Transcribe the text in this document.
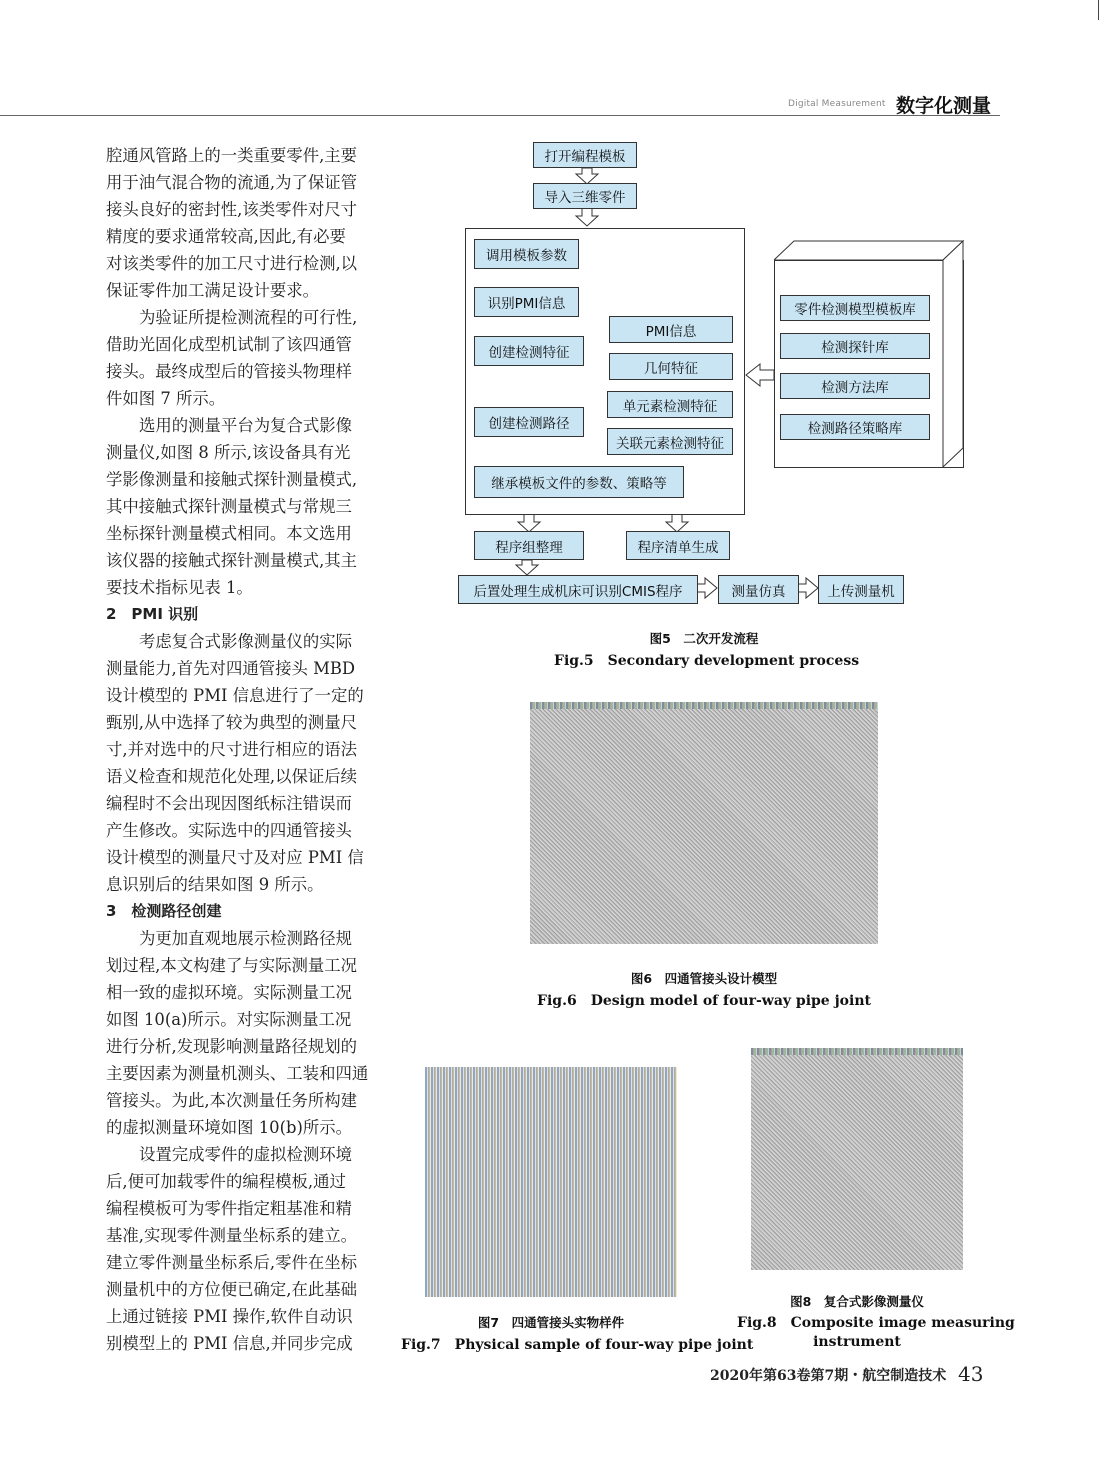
Digital Measurement 数字化测量
腔通风管路上的一类重要零件,主要
用于油气混合物的流通,为了保证管
接头良好的密封性,该类零件对尺寸
精度的要求通常较高,因此,有必要
对该类零件的加工尺寸进行检测,以
保证零件加工满足设计要求。
为验证所提检测流程的可行性,
借助光固化成型机试制了该四通管
接头。最终成型后的管接头物理样
件如图 7 所示。
选用的测量平台为复合式影像
测量仪,如图 8 所示,该设备具有光
学影像测量和接触式探针测量模式,
其中接触式探针测量模式与常规三
坐标探针测量模式相同。本文选用
该仪器的接触式探针测量模式,其主
要技术指标见表 1。
2　PMI 识别
考虑复合式影像测量仪的实际
测量能力,首先对四通管接头 MBD
设计模型的 PMI 信息进行了一定的
甄别,从中选择了较为典型的测量尺
寸,并对选中的尺寸进行相应的语法
语义检查和规范化处理,以保证后续
编程时不会出现因图纸标注错误而
产生修改。实际选中的四通管接头
设计模型的测量尺寸及对应 PMI 信
息识别后的结果如图 9 所示。
3　检测路径创建
为更加直观地展示检测路径规
划过程,本文构建了与实际测量工况
相一致的虚拟环境。实际测量工况
如图 10(a)所示。对实际测量工况
进行分析,发现影响测量路径规划的
主要因素为测量机测头、工装和四通
管接头。为此,本次测量任务所构建
的虚拟测量环境如图 10(b)所示。
设置完成零件的虚拟检测环境
后,便可加载零件的编程模板,通过
编程模板可为零件指定粗基准和精
基准,实现零件测量坐标系的建立。
建立零件测量坐标系后,零件在坐标
测量机中的方位便已确定,在此基础
上通过链接 PMI 操作,软件自动识
别模型上的 PMI 信息,并同步完成
打开编程模板
导入三维零件
调用模板参数
识别PMI信息
创建检测特征
PMI信息
几何特征
创建检测路径
单元素检测特征
关联元素检测特征
继承模板文件的参数、策略等
程序组整理	程序清单生成
后置处理生成机床可识别CMIS程序	测量仿真	上传测量机
零件检测模型模板库
检测探针库
检测方法库
检测路径策略库
图5　二次开发流程
Fig.5　Secondary development process
图6　四通管接头设计模型
Fig.6　Design model of four-way pipe joint
图7　四通管接头实物样件
Fig.7　Physical sample of four-way pipe joint
图8　复合式影像测量仪
Fig.8　Composite image measuring
instrument
2020年第63卷第7期・航空制造技术 43
